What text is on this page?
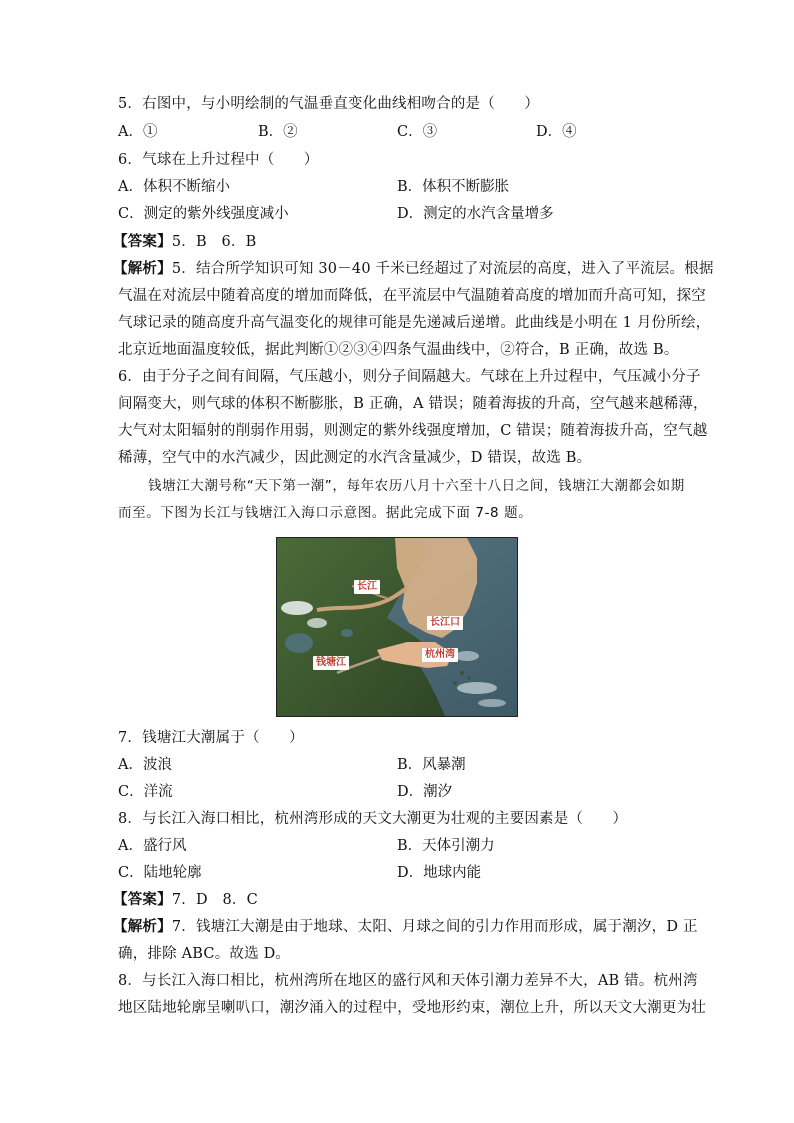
5．右图中，与小明绘制的气温垂直变化曲线相吻合的是（　　）
A．①	B．②	C．③	D．④
6．气球在上升过程中（　　）
A．体积不断缩小	B．体积不断膨胀
C．测定的紫外线强度减小	D．测定的水汽含量增多
【答案】5．B　6．B
【解析】5．结合所学知识可知 30－40 千米已经超过了对流层的高度，进入了平流层。根据
气温在对流层中随着高度的增加而降低，在平流层中气温随着高度的增加而升高可知，探空
气球记录的随高度升高气温变化的规律可能是先递减后递增。此曲线是小明在 1 月份所绘，
北京近地面温度较低，据此判断①②③④四条气温曲线中，②符合，B 正确，故选 B。
6．由于分子之间有间隔，气压越小，则分子间隔越大。气球在上升过程中，气压减小分子
间隔变大，则气球的体积不断膨胀，B 正确，A 错误；随着海拔的升高，空气越来越稀薄，
大气对太阳辐射的削弱作用弱，则测定的紫外线强度增加，C 错误；随着海拔升高，空气越
稀薄，空气中的水汽减少，因此测定的水汽含量减少，D 错误，故选 B。
钱塘江大潮号称“天下第一潮”，每年农历八月十六至十八日之间，钱塘江大潮都会如期
而至。下图为长江与钱塘江入海口示意图。据此完成下面 7-8 题。
长江
长江口
杭州湾
钱塘江
7．钱塘江大潮属于（　　）
A．波浪	B．风暴潮
C．洋流	D．潮汐
8．与长江入海口相比，杭州湾形成的天文大潮更为壮观的主要因素是（　　）
A．盛行风	B．天体引潮力
C．陆地轮廓	D．地球内能
【答案】7．D　8．C
【解析】7．钱塘江大潮是由于地球、太阳、月球之间的引力作用而形成，属于潮汐，D 正
确，排除 ABC。故选 D。
8．与长江入海口相比，杭州湾所在地区的盛行风和天体引潮力差异不大，AB 错。杭州湾
地区陆地轮廓呈喇叭口，潮汐涌入的过程中，受地形约束，潮位上升，所以天文大潮更为壮
